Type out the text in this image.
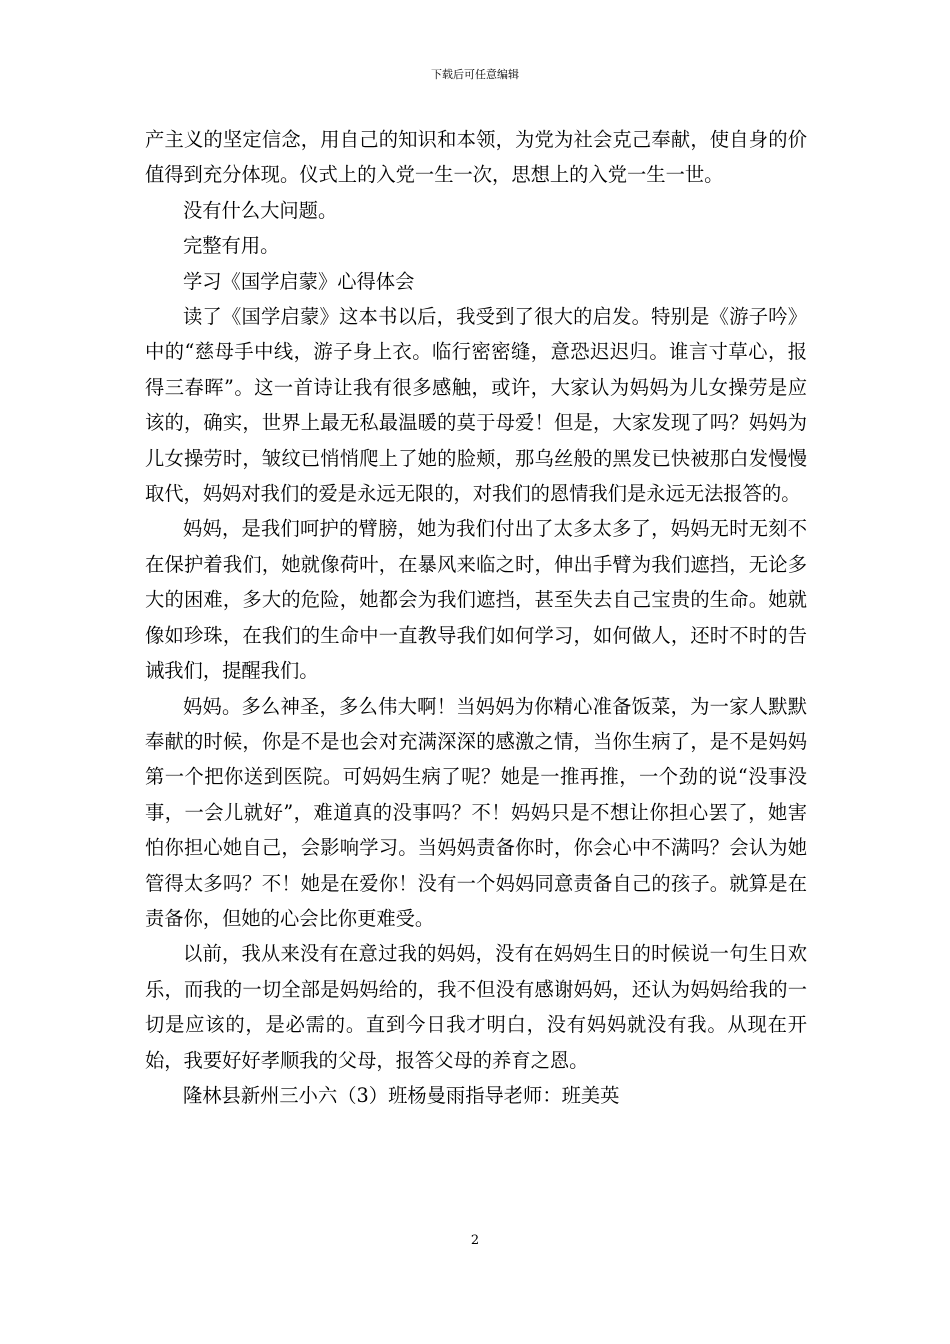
下载后可任意编辑

产主义的坚定信念，用自己的知识和本领，为党为社会克己奉献，使自身的价值得到充分体现。仪式上的入党一生一次，思想上的入党一生一世。

没有什么大问题。

完整有用。

学习《国学启蒙》心得体会

读了《国学启蒙》这本书以后，我受到了很大的启发。特别是《游子吟》中的“慈母手中线，游子身上衣。临行密密缝，意恐迟迟归。谁言寸草心，报得三春晖”。这一首诗让我有很多感触，或许，大家认为妈妈为儿女操劳是应该的，确实，世界上最无私最温暖的莫于母爱！但是，大家发现了吗？妈妈为儿女操劳时，皱纹已悄悄爬上了她的脸颊，那乌丝般的黑发已快被那白发慢慢取代，妈妈对我们的爱是永远无限的，对我们的恩情我们是永远无法报答的。

妈妈，是我们呵护的臂膀，她为我们付出了太多太多了，妈妈无时无刻不在保护着我们，她就像荷叶，在暴风来临之时，伸出手臂为我们遮挡，无论多大的困难，多大的危险，她都会为我们遮挡，甚至失去自己宝贵的生命。她就像如珍珠，在我们的生命中一直教导我们如何学习，如何做人，还时不时的告诫我们，提醒我们。

妈妈。多么神圣，多么伟大啊！当妈妈为你精心准备饭菜，为一家人默默奉献的时候，你是不是也会对充满深深的感激之情，当你生病了，是不是妈妈第一个把你送到医院。可妈妈生病了呢？她是一推再推，一个劲的说“没事没事，一会儿就好”，难道真的没事吗？不！妈妈只是不想让你担心罢了，她害怕你担心她自己，会影响学习。当妈妈责备你时，你会心中不满吗？会认为她管得太多吗？不！她是在爱你！没有一个妈妈同意责备自己的孩子。就算是在责备你，但她的心会比你更难受。

以前，我从来没有在意过我的妈妈，没有在妈妈生日的时候说一句生日欢乐，而我的一切全部是妈妈给的，我不但没有感谢妈妈，还认为妈妈给我的一切是应该的，是必需的。直到今日我才明白，没有妈妈就没有我。从现在开始，我要好好孝顺我的父母，报答父母的养育之恩。

隆林县新州三小六（3）班杨曼雨指导老师：班美英

2
